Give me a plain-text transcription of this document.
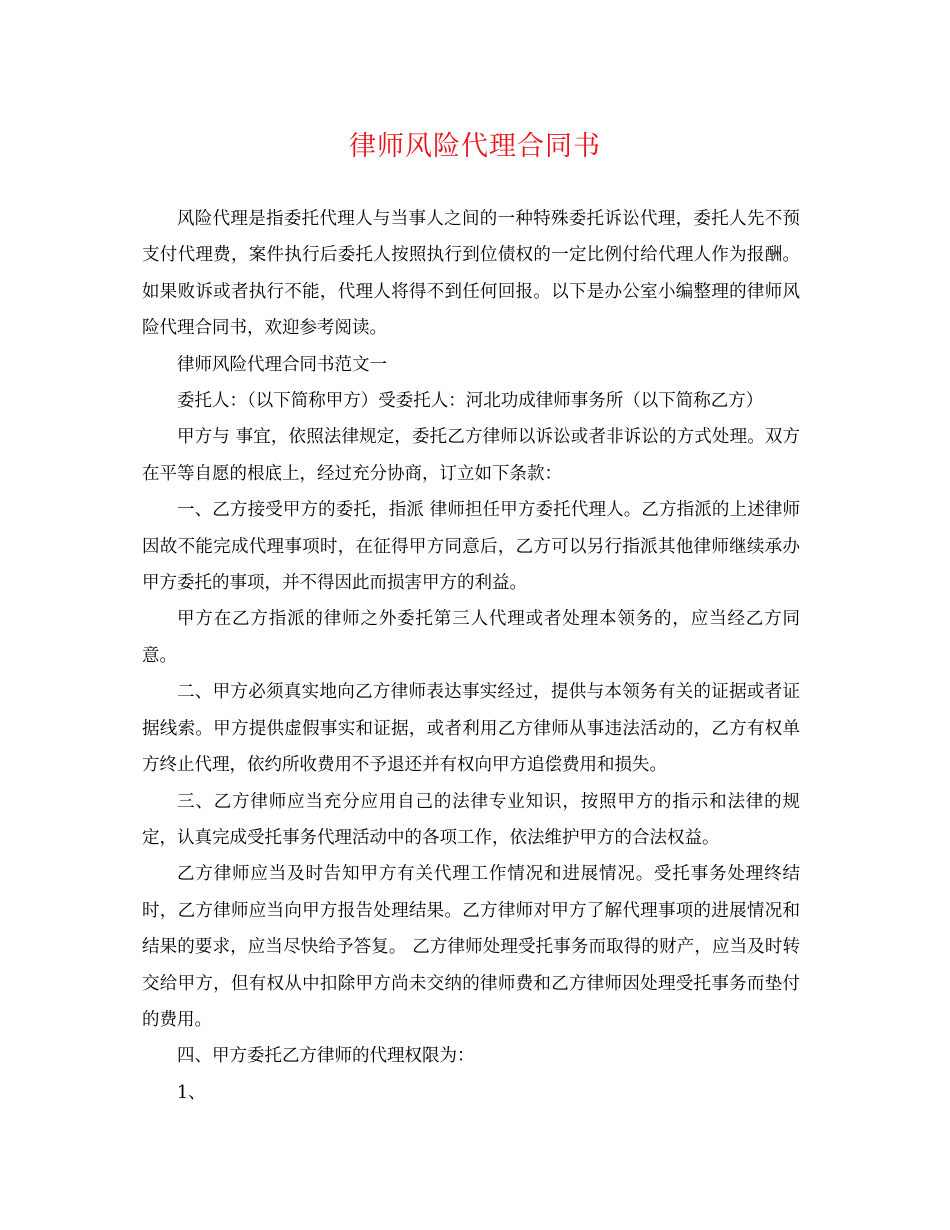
律师风险代理合同书

风险代理是指委托代理人与当事人之间的一种特殊委托诉讼代理，委托人先不预支付代理费，案件执行后委托人按照执行到位债权的一定比例付给代理人作为报酬。如果败诉或者执行不能，代理人将得不到任何回报。以下是办公室小编整理的律师风险代理合同书，欢迎参考阅读。

律师风险代理合同书范文一

委托人：（以下简称甲方）受委托人：河北功成律师事务所（以下简称乙方）

甲方与 事宜，依照法律规定，委托乙方律师以诉讼或者非诉讼的方式处理。双方在平等自愿的根底上，经过充分协商，订立如下条款：

一、乙方接受甲方的委托，指派 律师担任甲方委托代理人。乙方指派的上述律师因故不能完成代理事项时，在征得甲方同意后，乙方可以另行指派其他律师继续承办甲方委托的事项，并不得因此而损害甲方的利益。

甲方在乙方指派的律师之外委托第三人代理或者处理本领务的，应当经乙方同意。

二、甲方必须真实地向乙方律师表达事实经过，提供与本领务有关的证据或者证据线索。甲方提供虚假事实和证据，或者利用乙方律师从事违法活动的，乙方有权单方终止代理，依约所收费用不予退还并有权向甲方追偿费用和损失。

三、乙方律师应当充分应用自己的法律专业知识，按照甲方的指示和法律的规定，认真完成受托事务代理活动中的各项工作，依法维护甲方的合法权益。

乙方律师应当及时告知甲方有关代理工作情况和进展情况。受托事务处理终结时，乙方律师应当向甲方报告处理结果。乙方律师对甲方了解代理事项的进展情况和结果的要求，应当尽快给予答复。 乙方律师处理受托事务而取得的财产，应当及时转交给甲方，但有权从中扣除甲方尚未交纳的律师费和乙方律师因处理受托事务而垫付的费用。

四、甲方委托乙方律师的代理权限为：

1、
